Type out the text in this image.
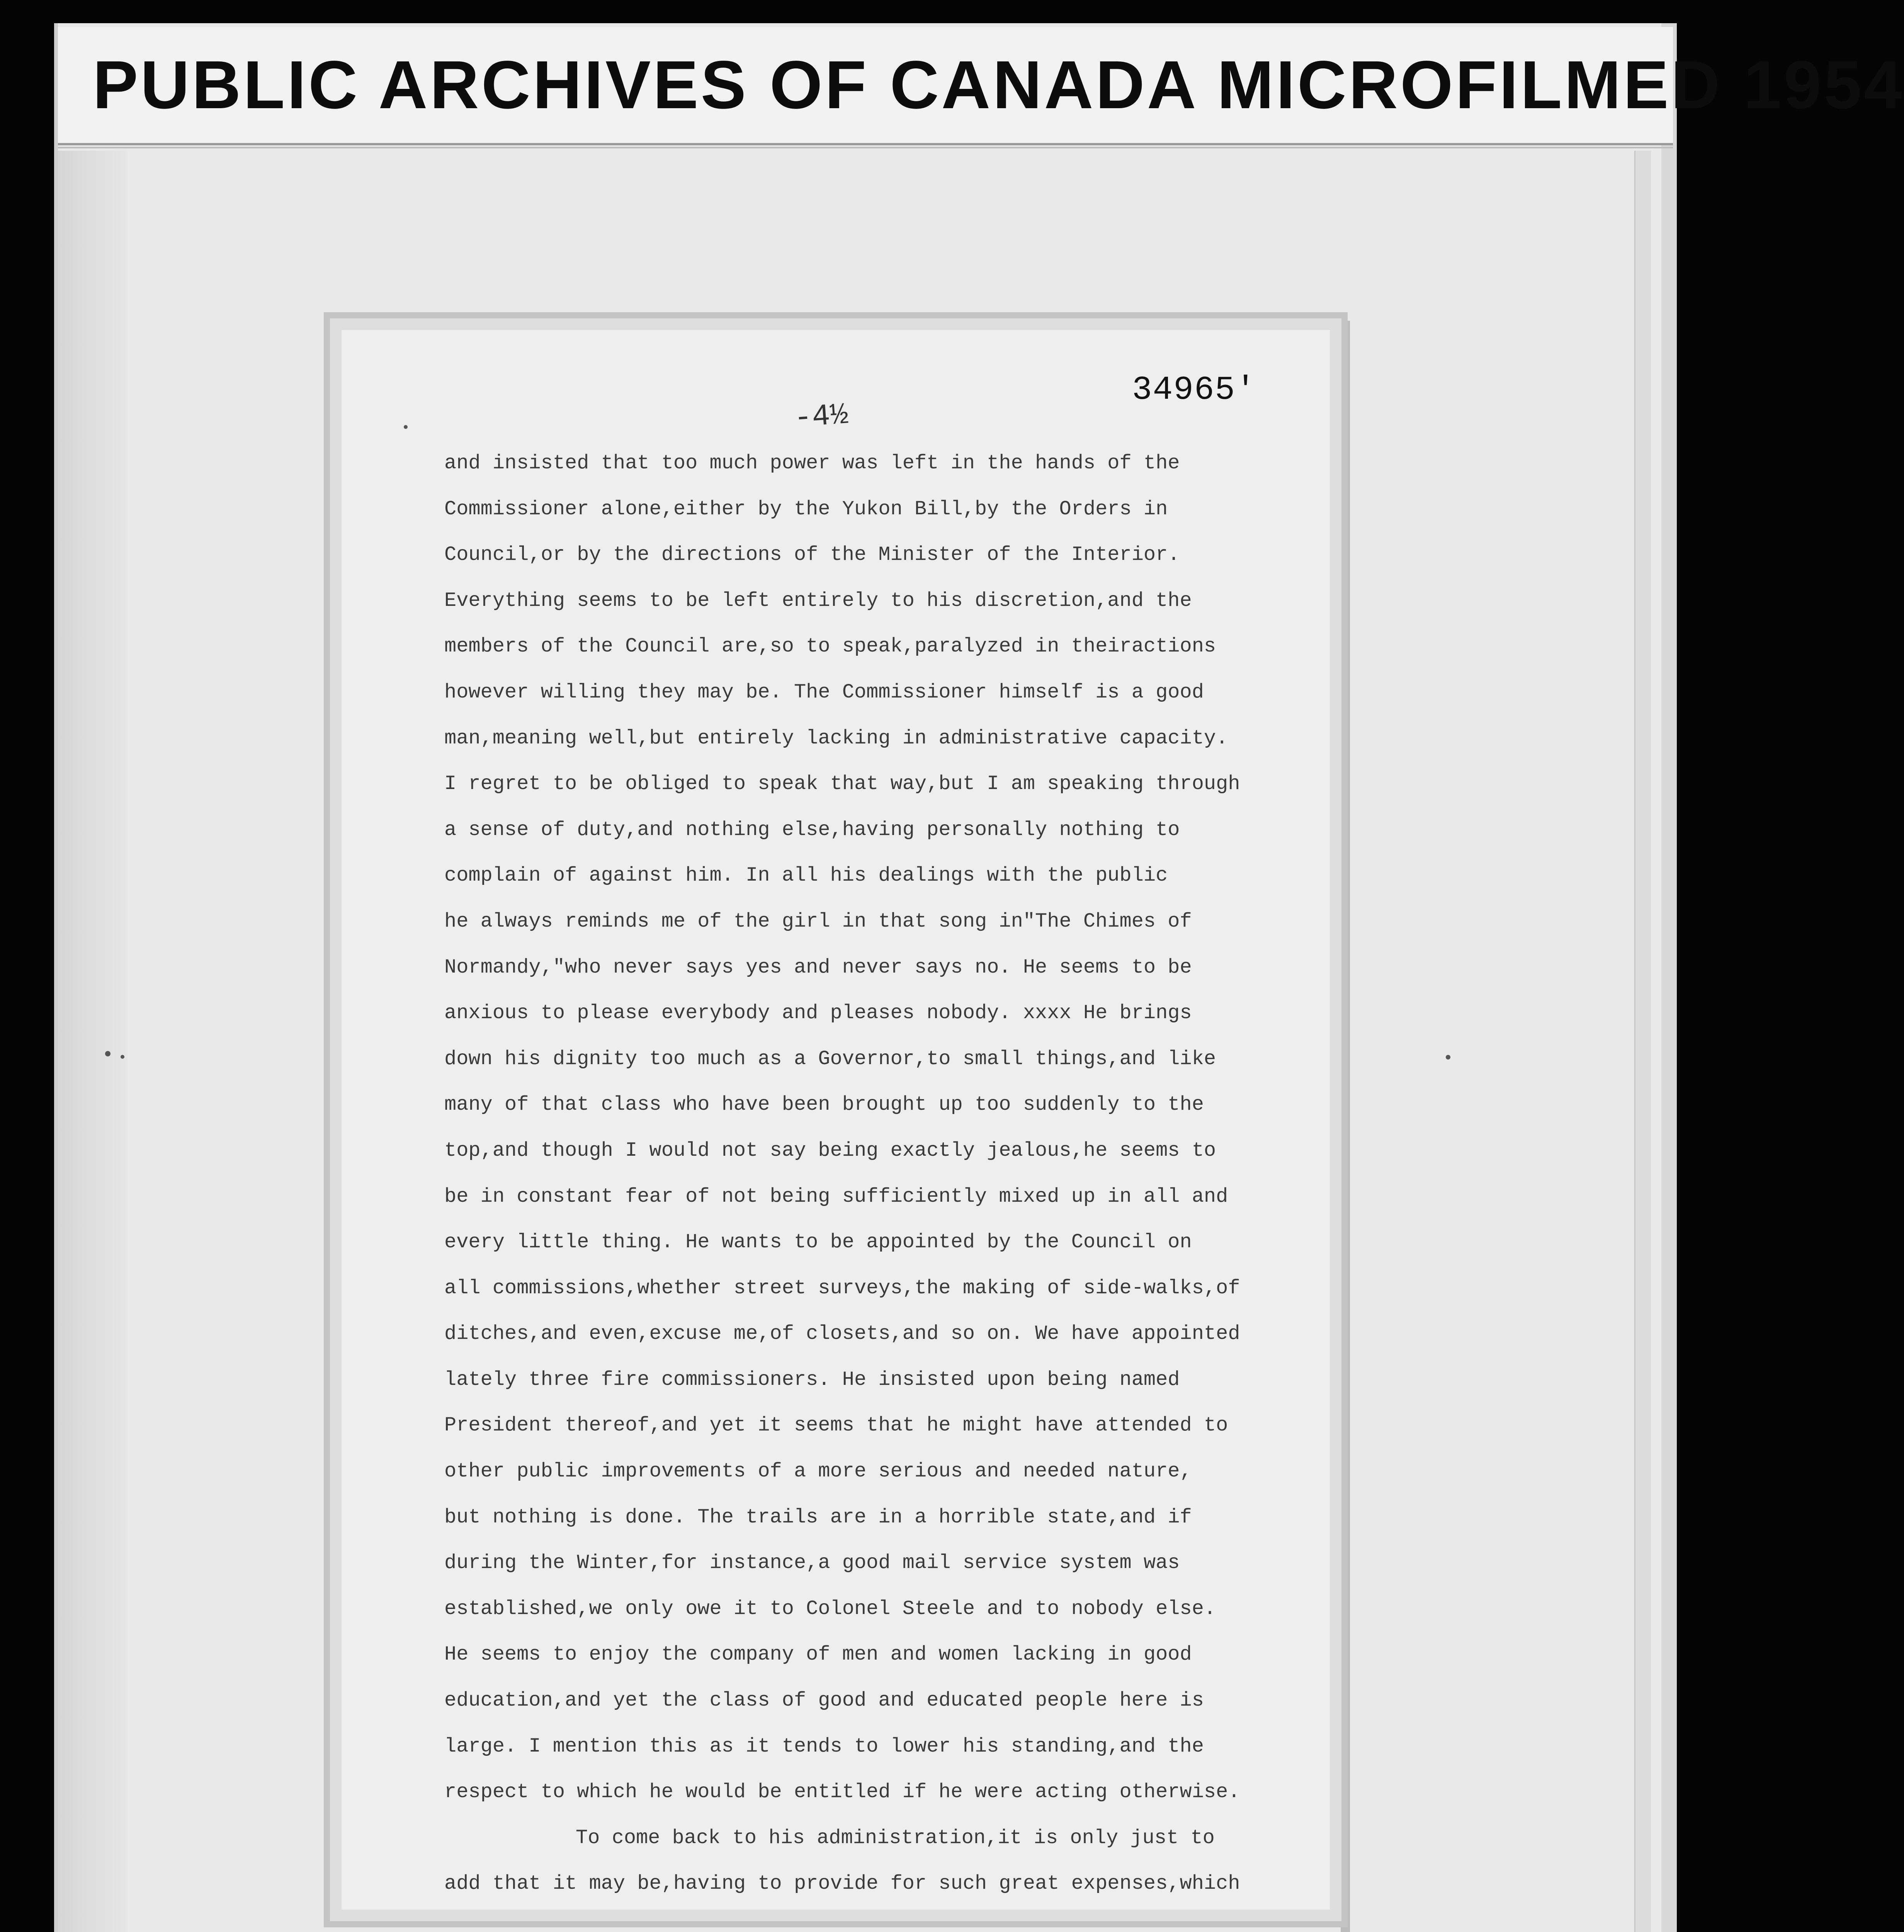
PUBLIC ARCHIVES OF CANADA MICROFILMED 1954
-4½
34965'
and insisted that too much power was left in the hands of the
Commissioner alone,either by the Yukon Bill,by the Orders in
Council,or by the directions of the Minister of the Interior.
Everything seems to be left entirely to his discretion,and the
members of the Council are,so to speak,paralyzed in theiractions
however willing they may be. The Commissioner himself is a good
man,meaning well,but entirely lacking in administrative capacity.
I regret to be obliged to speak that way,but I am speaking through
a sense of duty,and nothing else,having personally nothing to
complain of against him. In all his dealings with the public
he always reminds me of the girl in that song in"The Chimes of
Normandy,"who never says yes and never says no. He seems to be
anxious to please everybody and pleases nobody. xxxx He brings
down his dignity too much as a Governor,to small things,and like
many of that class who have been brought up too suddenly to the
top,and though I would not say being exactly jealous,he seems to
be in constant fear of not being sufficiently mixed up in all and
every little thing. He wants to be appointed by the Council on
all commissions,whether street surveys,the making of side-walks,of
ditches,and even,excuse me,of closets,and so on. We have appointed
lately three fire commissioners. He insisted upon being named
President thereof,and yet it seems that he might have attended to
other public improvements of a more serious and needed nature,
but nothing is done. The trails are in a horrible state,and if
during the Winter,for instance,a good mail service system was
established,we only owe it to Colonel Steele and to nobody else.
He seems to enjoy the company of men and women lacking in good
education,and yet the class of good and educated people here is
large. I mention this as it tends to lower his standing,and the
respect to which he would be entitled if he were acting otherwise.
To come back to his administration,it is only just to
add that it may be,having to provide for such great expenses,which
